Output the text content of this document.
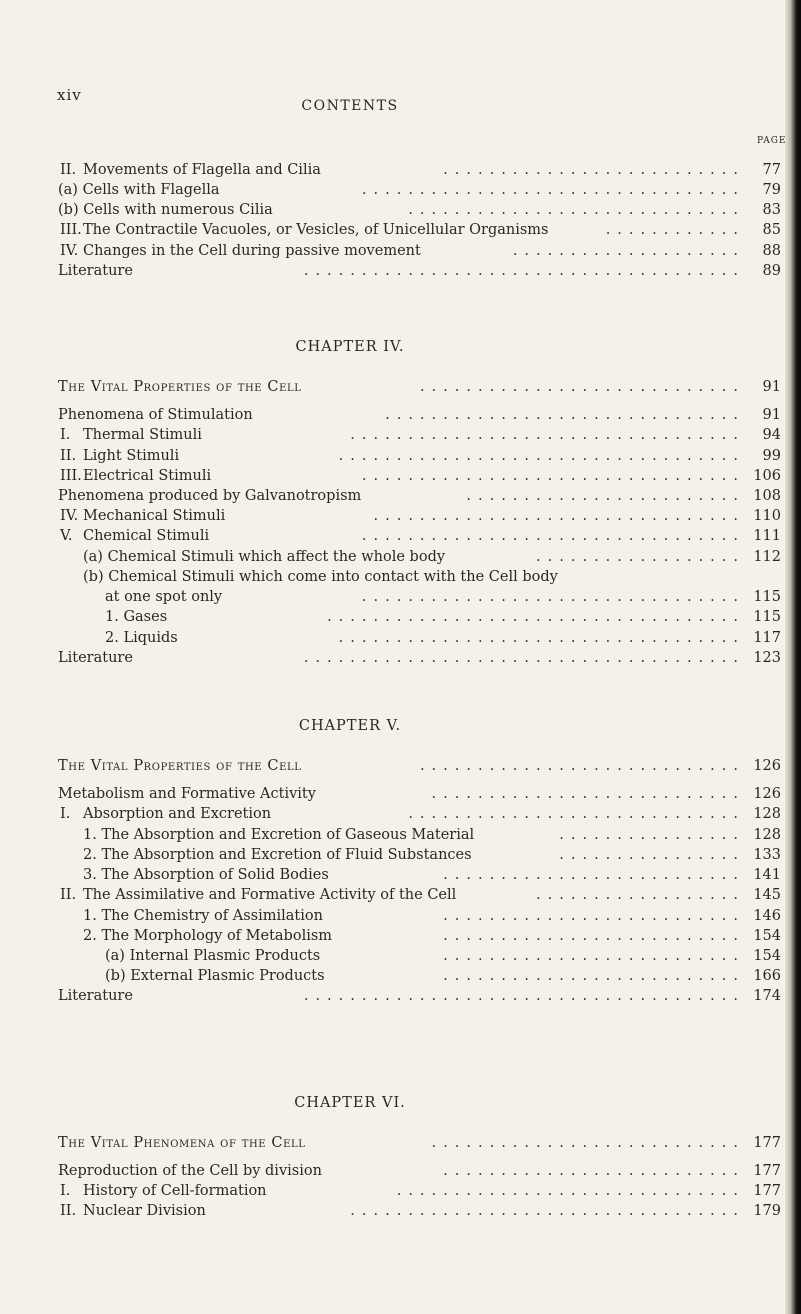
xiv
CONTENTS
PAGE
II. Movements of Flagella and Cilia	.......................... 77
(a) Cells with Flagella	................................. 79
(b) Cells with numerous Cilia	............................. 83
III. The Contractile Vacuoles, or Vesicles, of Unicellular Organisms	............ 85
IV. Changes in the Cell during passive movement	.................... 88
Literature	...................................... 89
CHAPTER IV.
The Vital Properties of the Cell	............................ 91
Phenomena of Stimulation	............................... 91
I. Thermal Stimuli	.................................. 94
II. Light Stimuli	................................... 99
III. Electrical Stimuli	................................. 106
Phenomena produced by Galvanotropism	........................ 108
IV. Mechanical Stimuli	................................ 110
V. Chemical Stimuli	................................. 111
(a) Chemical Stimuli which affect the whole body	.................. 112
(b) Chemical Stimuli which come into contact with the Cell body
at one spot only	................................. 115
1. Gases	.................................... 115
2. Liquids	................................... 117
Literature	...................................... 123
CHAPTER V.
The Vital Properties of the Cell	............................ 126
Metabolism and Formative Activity	........................... 126
I. Absorption and Excretion	............................. 128
1. The Absorption and Excretion of Gaseous Material	................ 128
2. The Absorption and Excretion of Fluid Substances	................ 133
3. The Absorption of Solid Bodies	.......................... 141
II. The Assimilative and Formative Activity of the Cell	.................. 145
1. The Chemistry of Assimilation	.......................... 146
2. The Morphology of Metabolism	.......................... 154
(a) Internal Plasmic Products	.......................... 154
(b) External Plasmic Products	.......................... 166
Literature	...................................... 174
CHAPTER VI.
The Vital Phenomena of the Cell	........................... 177
Reproduction of the Cell by division	.......................... 177
I. History of Cell-formation	.............................. 177
II. Nuclear Division	.................................. 179
